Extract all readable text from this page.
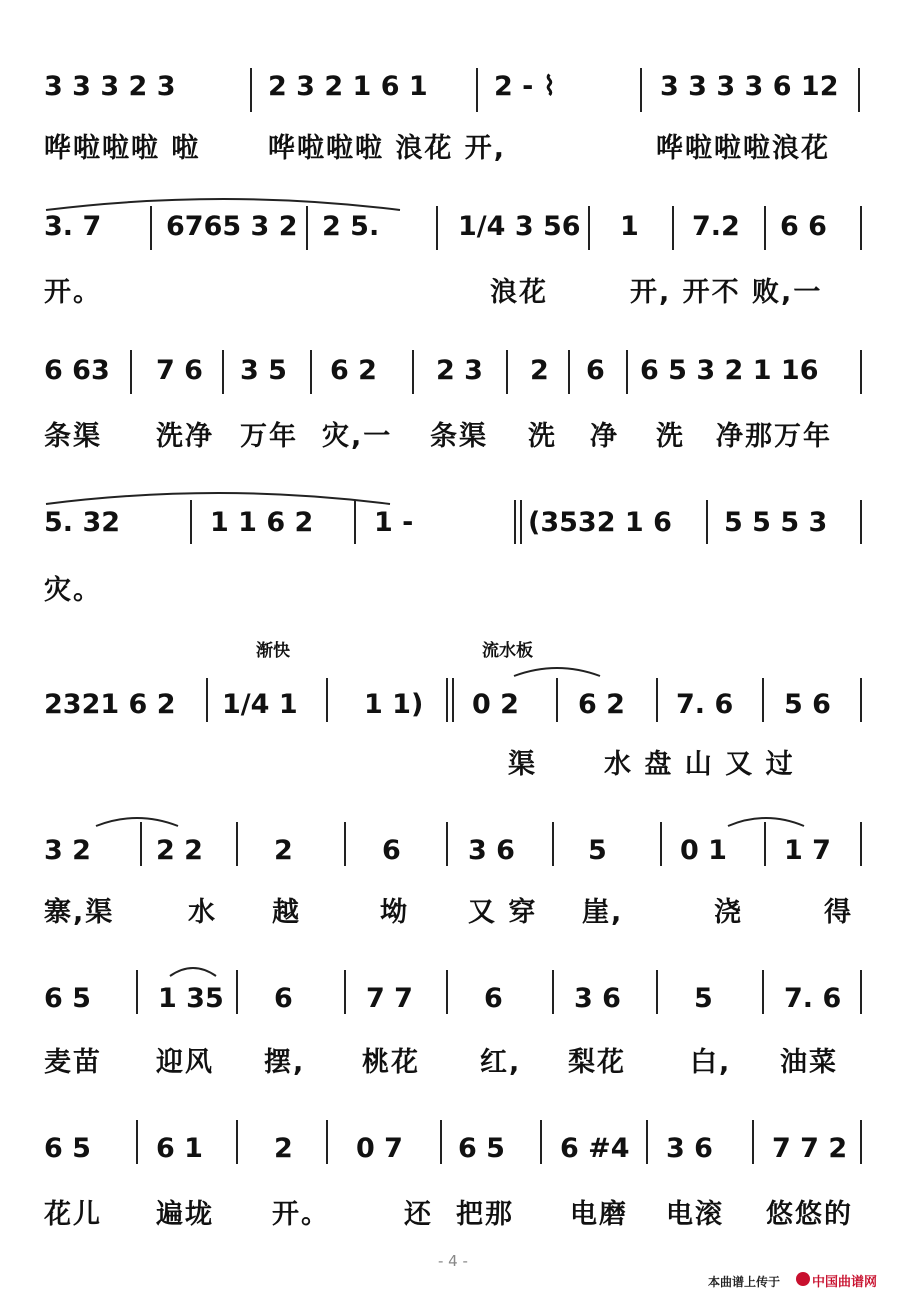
3 3 3 2 3	2 3 2 1 6 1 2 - ⌇	3 3 3 3 6 12
哗啦啦啦 啦	哗啦啦啦 浪花 开,	哗啦啦啦浪花
3. 7 6765 3 2 2 5.	1/4 3 56 1 7.2 6 6
开。	浪花	开, 开不 败,一
6 63 7 6 3 5 6 2 2 3 2 6 6 5 3 2 1 16
条渠 洗净 万年 灾,一 条渠 洗 净 洗 净那万年
5. 32	1 1 6 2 1 -	(3532 1 6 5 5 5 3
灾。
渐快	流水板
2321 6 2 1/4 1 1 1) 0 2 6 2 7. 6 5 6
渠 水 盘 山 又 过
3 2 2 2	2	6 3 6	5	0 1 1 7
寨,渠	水 越	坳 又 穿 崖,	浇	得
6 5 1 35 6	7 7	6	3 6	5	7. 6
麦苗 迎风 摆, 桃花 红, 梨花 白, 油菜
6 5 6 1	2 0 7 6 5 6 #4 3 6 7 7 2
花儿 遍垅 开。	还 把那 电磨 电滚 悠悠的
- 4 -
本曲谱上传于 中国曲谱网
